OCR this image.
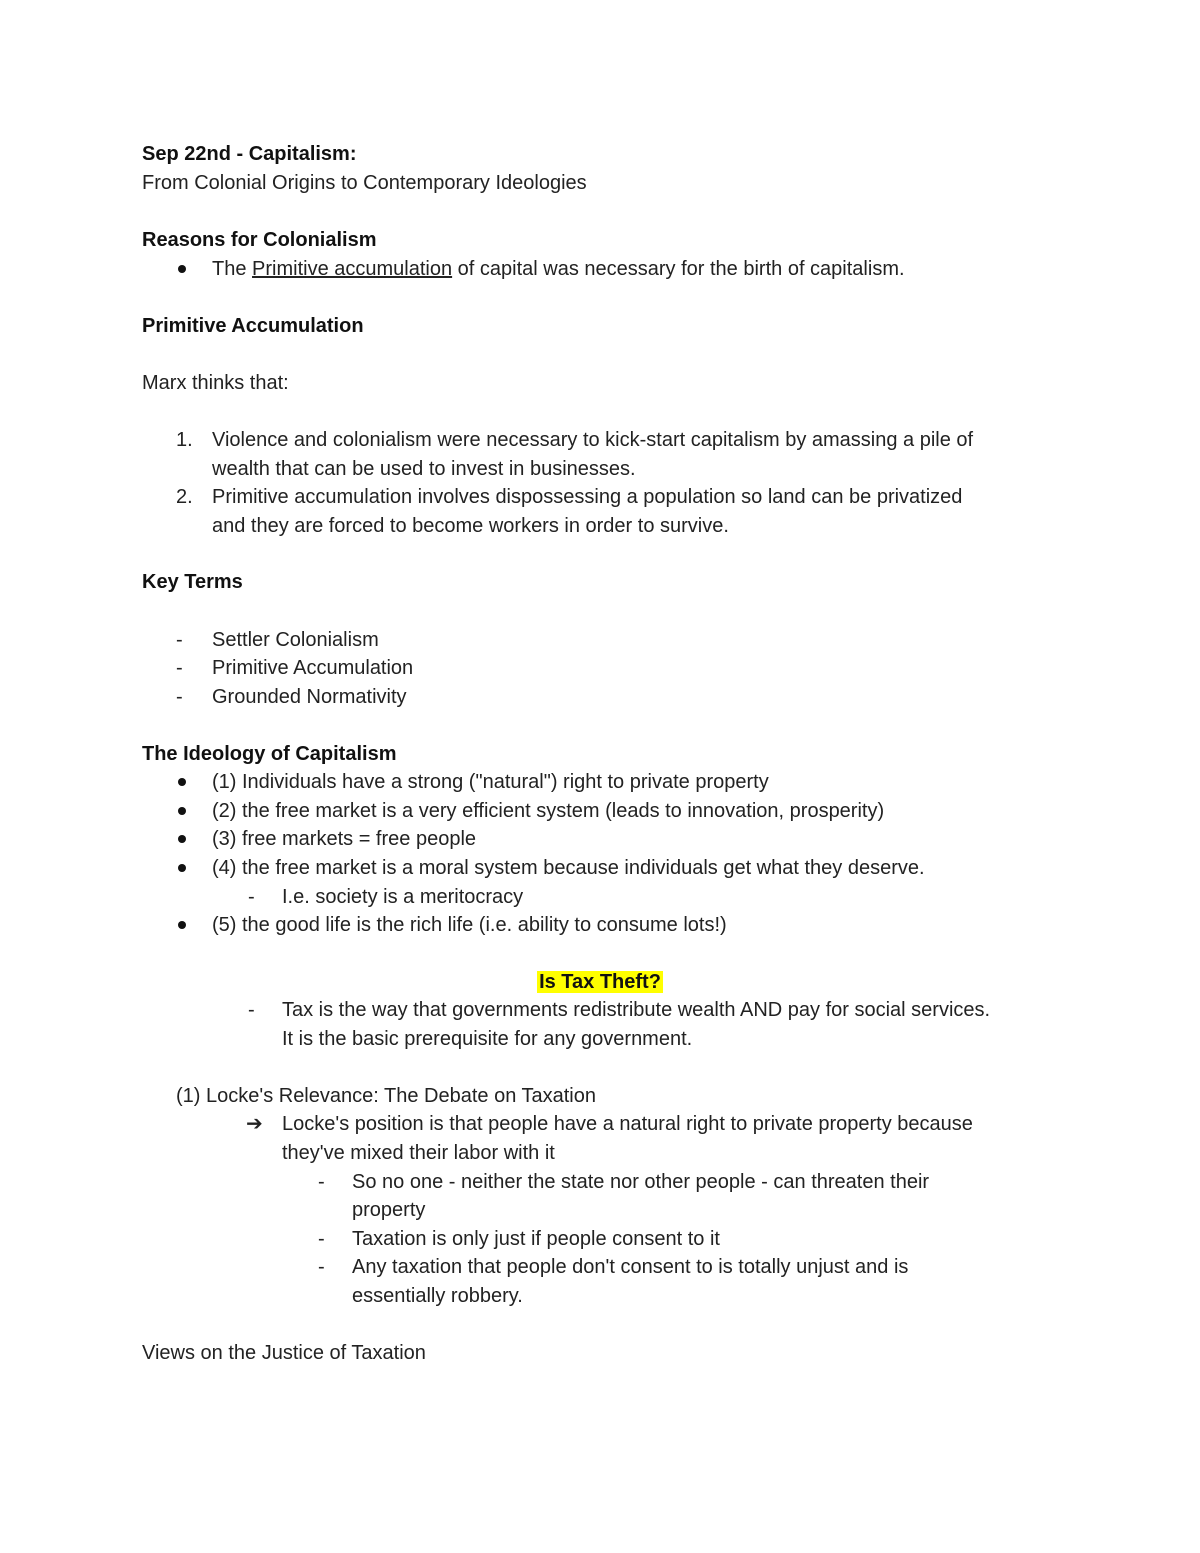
Sep 22nd - Capitalism:
From Colonial Origins to Contemporary Ideologies
Reasons for Colonialism
The Primitive accumulation of capital was necessary for the birth of capitalism.
Primitive Accumulation
Marx thinks that:
1. Violence and colonialism were necessary to kick-start capitalism by amassing a pile of
wealth that can be used to invest in businesses.
2. Primitive accumulation involves dispossessing a population so land can be privatized
and they are forced to become workers in order to survive.
Key Terms
- Settler Colonialism
- Primitive Accumulation
- Grounded Normativity
The Ideology of Capitalism
(1) Individuals have a strong ("natural") right to private property
(2) the free market is a very efficient system (leads to innovation, prosperity)
(3) free markets = free people
(4) the free market is a moral system because individuals get what they deserve.
- I.e. society is a meritocracy
(5) the good life is the rich life (i.e. ability to consume lots!)
Is Tax Theft?
- Tax is the way that governments redistribute wealth AND pay for social services.
It is the basic prerequisite for any government.
(1) Locke's Relevance: The Debate on Taxation
➔ Locke's position is that people have a natural right to private property because
they've mixed their labor with it
- So no one - neither the state nor other people - can threaten their
property
- Taxation is only just if people consent to it
- Any taxation that people don't consent to is totally unjust and is
essentially robbery.
Views on the Justice of Taxation
